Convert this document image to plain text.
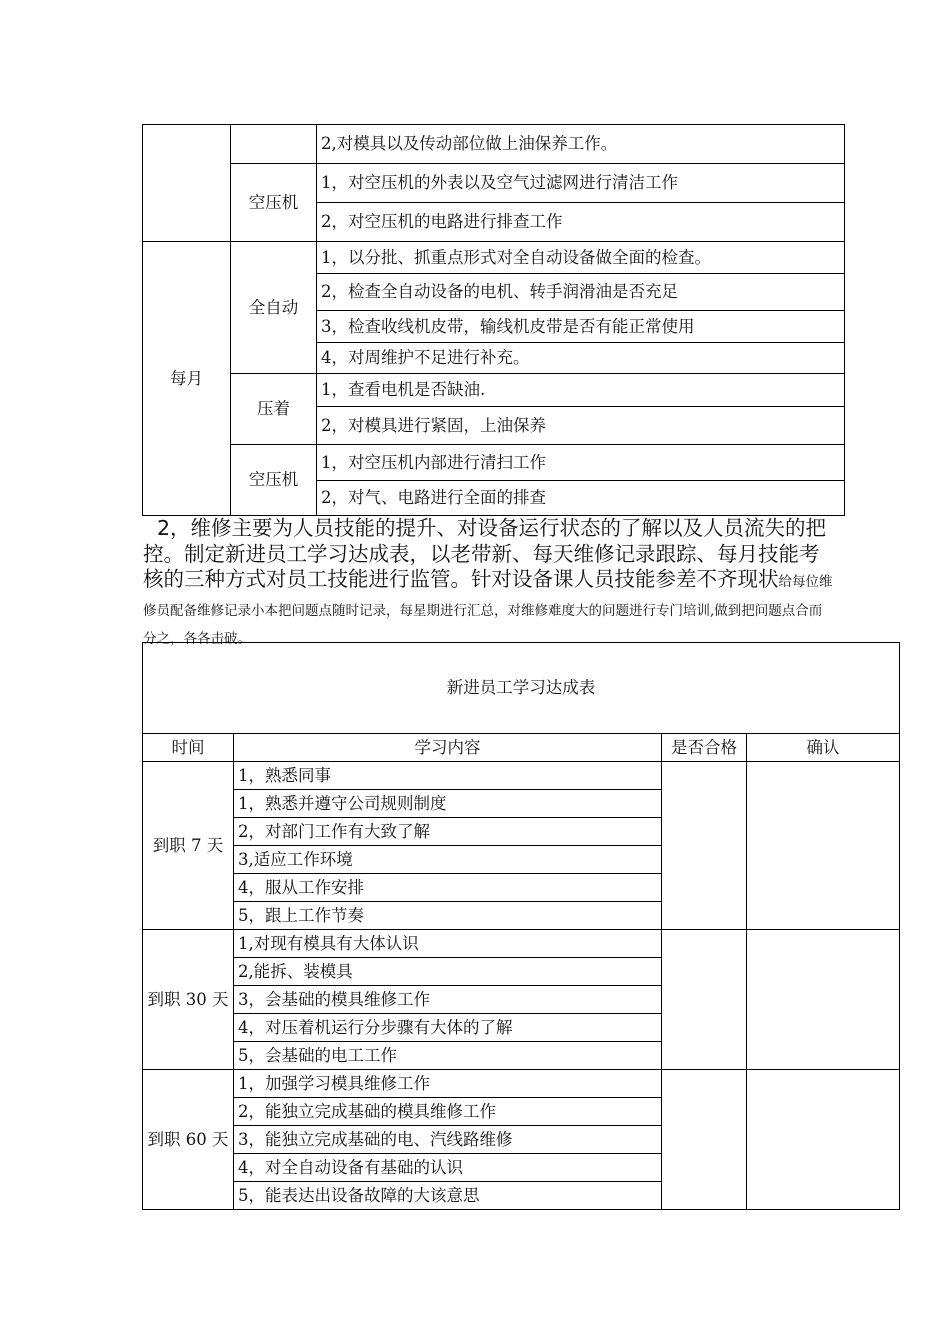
		2,对模具以及传动部位做上油保养工作。
	空压机	1，对空压机的外表以及空气过滤网进行清洁工作
		2，对空压机的电路进行排查工作
每月	全自动	1，以分批、抓重点形式对全自动设备做全面的检查。
		2，检查全自动设备的电机、转手润滑油是否充足
		3，检查收线机皮带，输线机皮带是否有能正常使用
		4，对周维护不足进行补充。
	压着	1，查看电机是否缺油.
		2，对模具进行紧固，上油保养
	空压机	1，对空压机内部进行清扫工作
		2，对气、电路进行全面的排查

2，维修主要为人员技能的提升、对设备运行状态的了解以及人员流失的把控。制定新进员工学习达成表，以老带新、每天维修记录跟踪、每月技能考核的三种方式对员工技能进行监管。针对设备课人员技能参差不齐现状给每位维修员配备维修记录小本把问题点随时记录，每星期进行汇总，对维修难度大的问题进行专门培训,做到把问题点合而分之，各各击破。

新进员工学习达成表			
时间	学习内容	是否合格	确认
到职 7 天	1，熟悉同事		
	1，熟悉并遵守公司规则制度		
	2，对部门工作有大致了解		
	3,适应工作环境		
	4，服从工作安排		
	5，跟上工作节奏		
到职 30 天	1,对现有模具有大体认识		
	2,能拆、装模具		
	3，会基础的模具维修工作		
	4，对压着机运行分步骤有大体的了解		
	5，会基础的电工工作		
到职 60 天	1，加强学习模具维修工作		
	2，能独立完成基础的模具维修工作		
	3，能独立完成基础的电、汽线路维修		
	4，对全自动设备有基础的认识		
	5，能表达出设备故障的大该意思		
